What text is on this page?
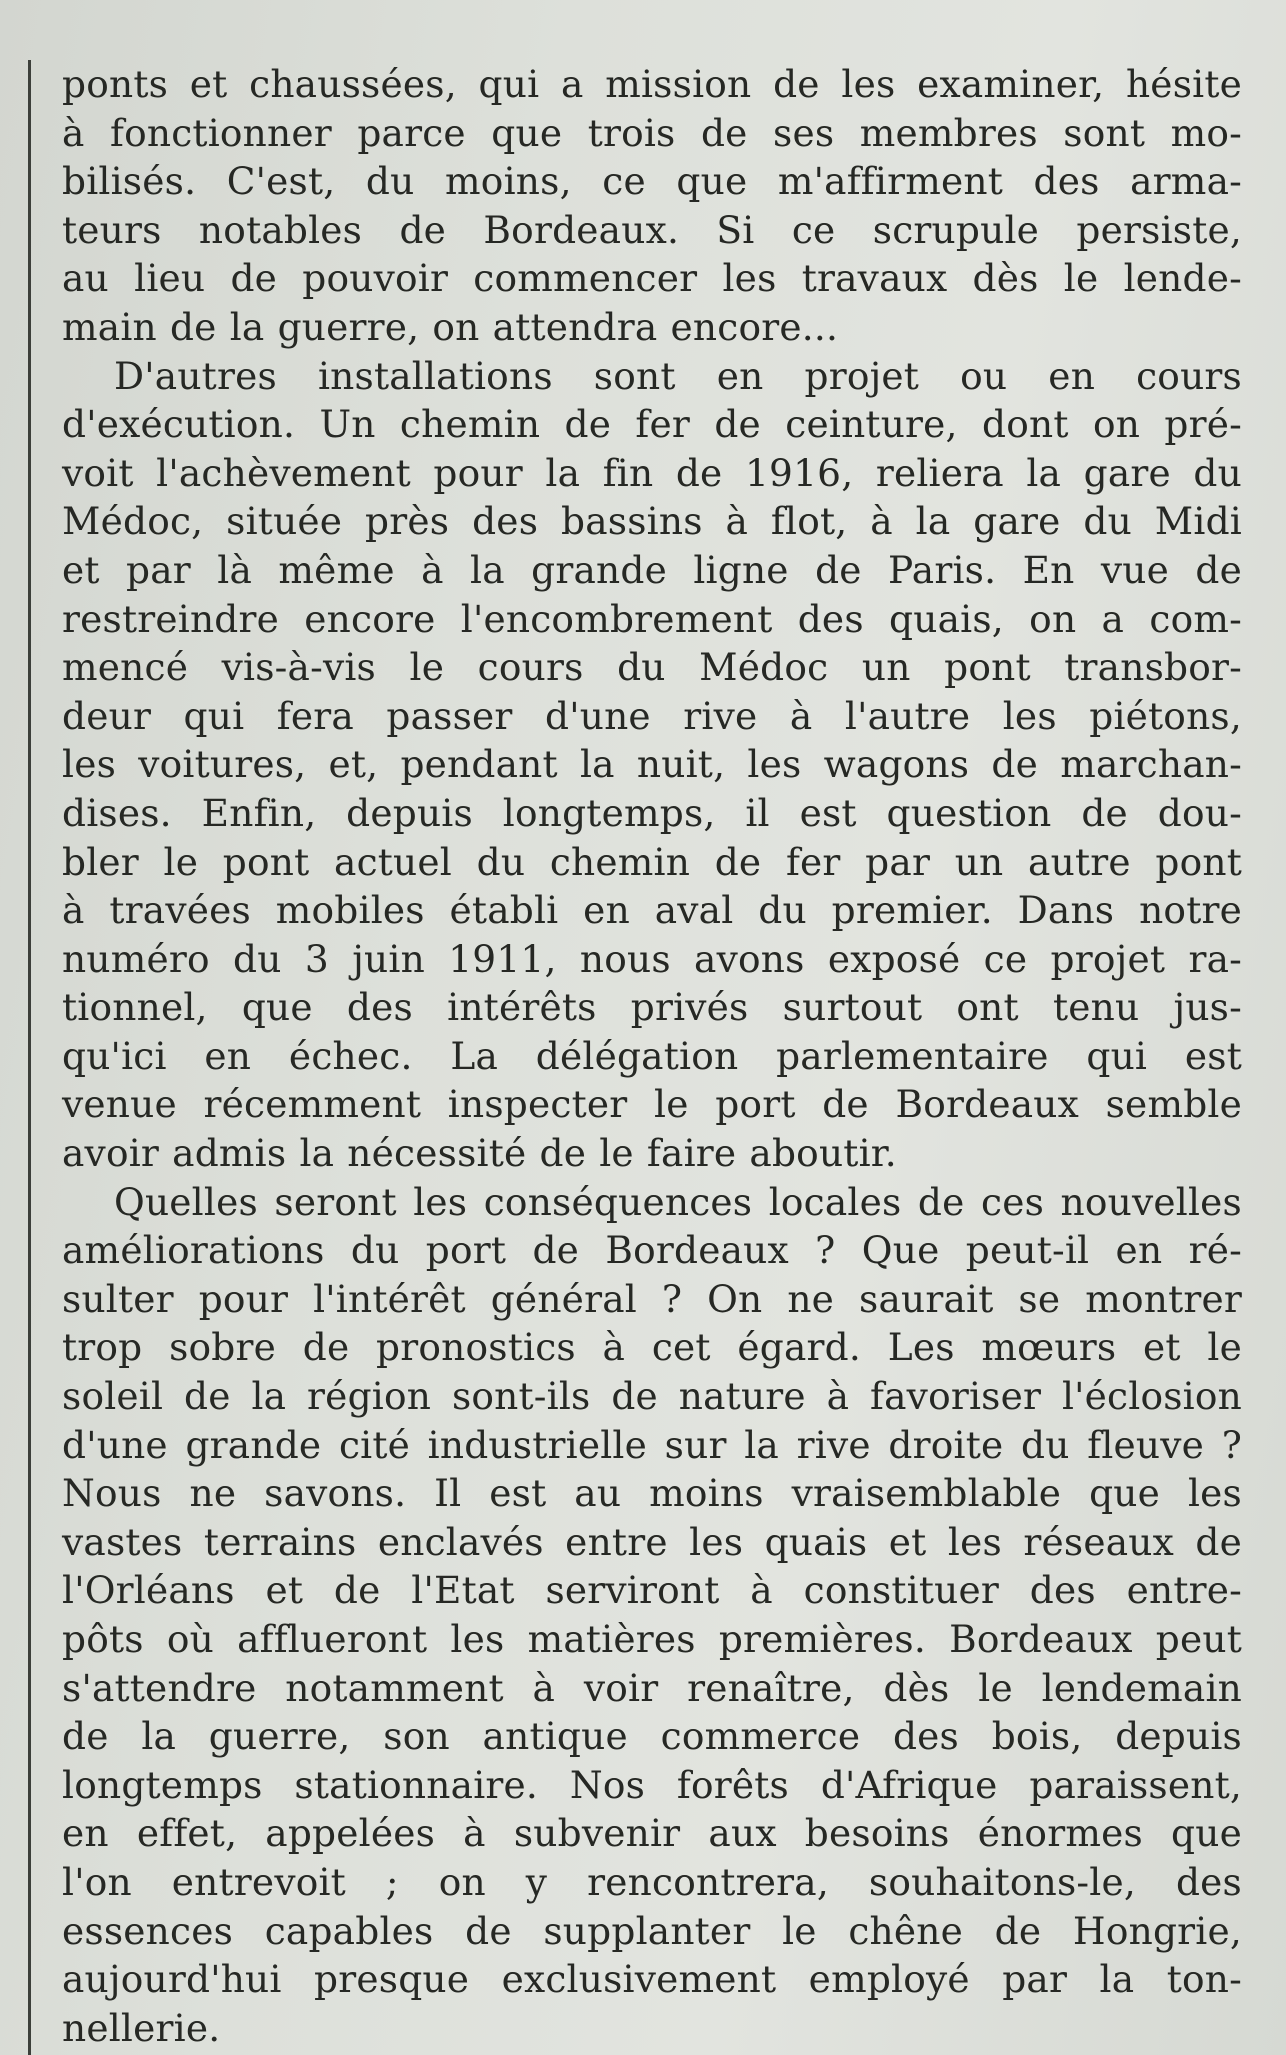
ponts et chaussées, qui a mission de les examiner, hésite
à fonctionner parce que trois de ses membres sont mo-
bilisés. C'est, du moins, ce que m'affirment des arma-
teurs notables de Bordeaux. Si ce scrupule persiste,
au lieu de pouvoir commencer les travaux dès le lende-
main de la guerre, on attendra encore...
D'autres installations sont en projet ou en cours
d'exécution. Un chemin de fer de ceinture, dont on pré-
voit l'achèvement pour la fin de 1916, reliera la gare du
Médoc, située près des bassins à flot, à la gare du Midi
et par là même à la grande ligne de Paris. En vue de
restreindre encore l'encombrement des quais, on a com-
mencé vis-à-vis le cours du Médoc un pont transbor-
deur qui fera passer d'une rive à l'autre les piétons,
les voitures, et, pendant la nuit, les wagons de marchan-
dises. Enfin, depuis longtemps, il est question de dou-
bler le pont actuel du chemin de fer par un autre pont
à travées mobiles établi en aval du premier. Dans notre
numéro du 3 juin 1911, nous avons exposé ce projet ra-
tionnel, que des intérêts privés surtout ont tenu jus-
qu'ici en échec. La délégation parlementaire qui est
venue récemment inspecter le port de Bordeaux semble
avoir admis la nécessité de le faire aboutir.
Quelles seront les conséquences locales de ces nouvelles
améliorations du port de Bordeaux ? Que peut-il en ré-
sulter pour l'intérêt général ? On ne saurait se montrer
trop sobre de pronostics à cet égard. Les mœurs et le
soleil de la région sont-ils de nature à favoriser l'éclosion
d'une grande cité industrielle sur la rive droite du fleuve ?
Nous ne savons. Il est au moins vraisemblable que les
vastes terrains enclavés entre les quais et les réseaux de
l'Orléans et de l'Etat serviront à constituer des entre-
pôts où afflueront les matières premières. Bordeaux peut
s'attendre notamment à voir renaître, dès le lendemain
de la guerre, son antique commerce des bois, depuis
longtemps stationnaire. Nos forêts d'Afrique paraissent,
en effet, appelées à subvenir aux besoins énormes que
l'on entrevoit ; on y rencontrera, souhaitons-le, des
essences capables de supplanter le chêne de Hongrie,
aujourd'hui presque exclusivement employé par la ton-
nellerie.
